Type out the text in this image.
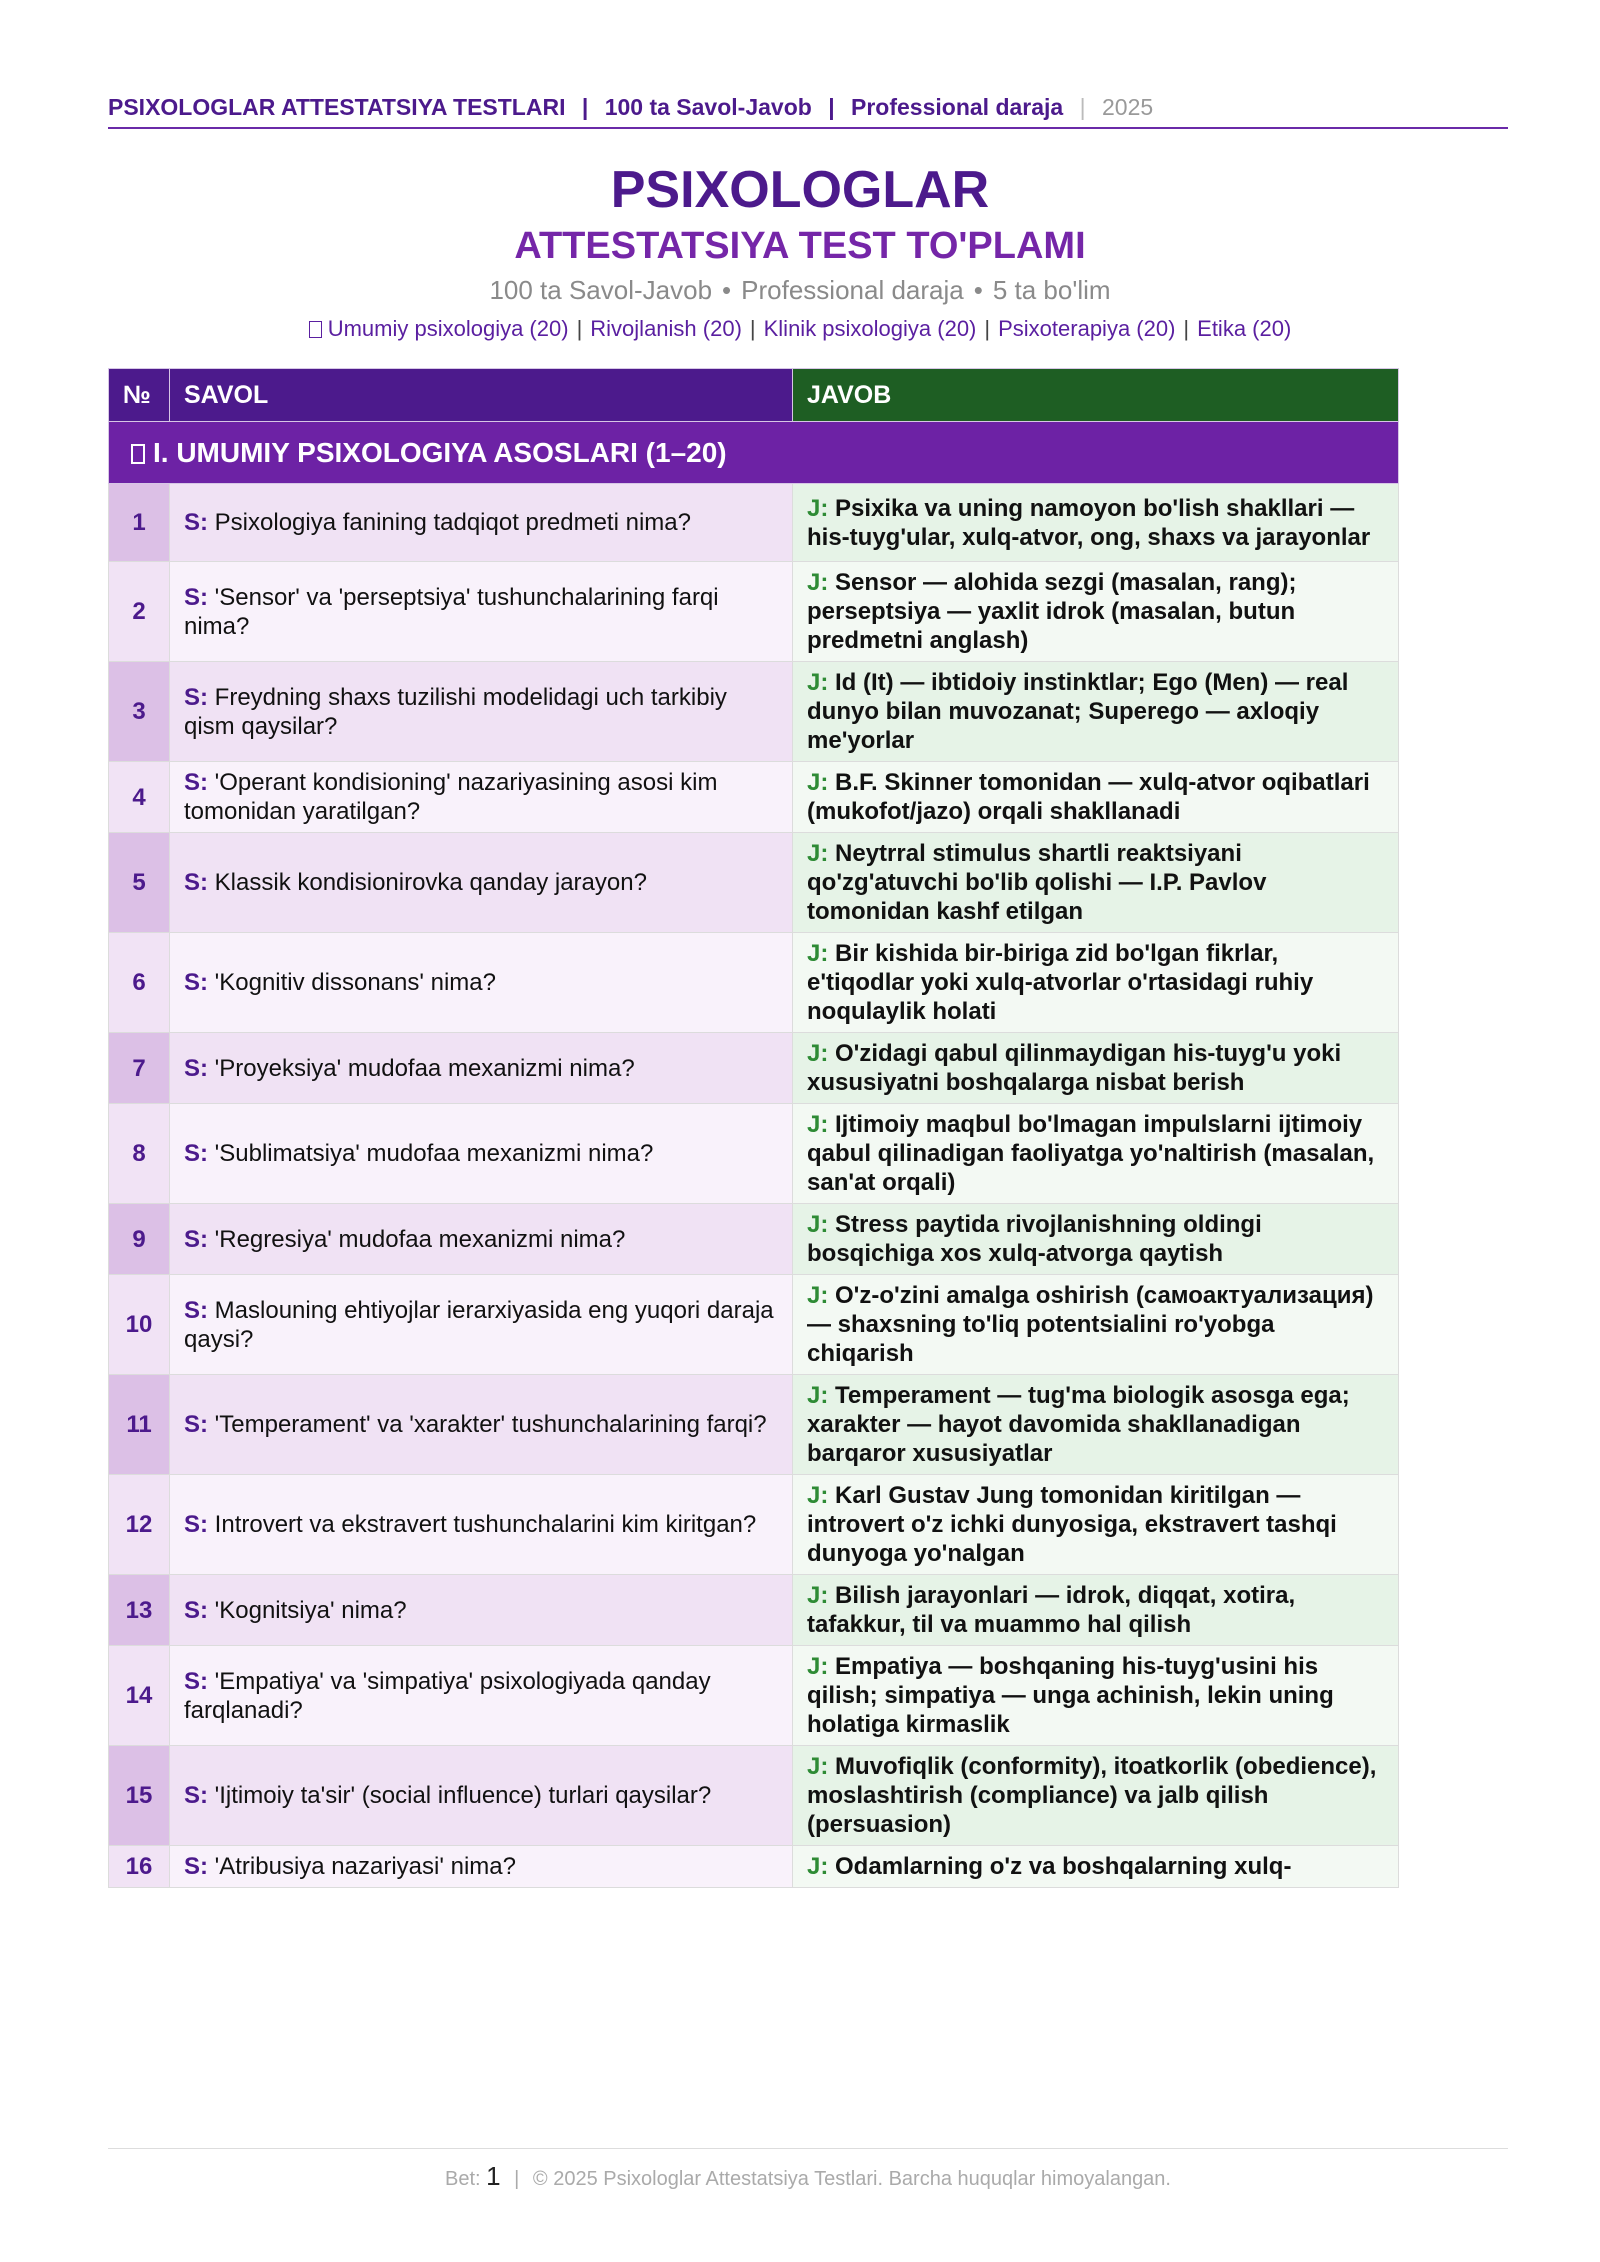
PSIXOLOGLAR ATTESTATSIYA TESTLARI | 100 ta Savol-Javob | Professional daraja | 2025
PSIXOLOGLAR
ATTESTATSIYA TEST TO'PLAMI
100 ta Savol-Javob • Professional daraja • 5 ta bo'lim
Umumiy psixologiya (20) | Rivojlanish (20) | Klinik psixologiya (20) | Psixoterapiya (20) | Etika (20)
№	SAVOL	JAVOB
I. UMUMIY PSIXOLOGIYA ASOSLARI (1–20)		
1	S: Psixologiya fanining tadqiqot predmeti nima?	J: Psixika va uning namoyon bo'lish shakllari — his-tuyg'ular, xulq-atvor, ong, shaxs va jarayonlar
2	S: 'Sensor' va 'perseptsiya' tushunchalarining farqi nima?	J: Sensor — alohida sezgi (masalan, rang); perseptsiya — yaxlit idrok (masalan, butun predmetni anglash)
3	S: Freydning shaxs tuzilishi modelidagi uch tarkibiy qism qaysilar?	J: Id (It) — ibtidoiy instinktlar; Ego (Men) — real dunyo bilan muvozanat; Superego — axloqiy me'yorlar
4	S: 'Operant kondisioning' nazariyasining asosi kim tomonidan yaratilgan?	J: B.F. Skinner tomonidan — xulq-atvor oqibatlari (mukofot/jazo) orqali shakllanadi
5	S: Klassik kondisionirovka qanday jarayon?	J: Neytrral stimulus shartli reaktsiyani qo'zg'atuvchi bo'lib qolishi — I.P. Pavlov tomonidan kashf etilgan
6	S: 'Kognitiv dissonans' nima?	J: Bir kishida bir-biriga zid bo'lgan fikrlar, e'tiqodlar yoki xulq-atvorlar o'rtasidagi ruhiy noqulaylik holati
7	S: 'Proyeksiya' mudofaa mexanizmi nima?	J: O'zidagi qabul qilinmaydigan his-tuyg'u yoki xususiyatni boshqalarga nisbat berish
8	S: 'Sublimatsiya' mudofaa mexanizmi nima?	J: Ijtimoiy maqbul bo'lmagan impulslarni ijtimoiy qabul qilinadigan faoliyatga yo'naltirish (masalan, san'at orqali)
9	S: 'Regresiya' mudofaa mexanizmi nima?	J: Stress paytida rivojlanishning oldingi bosqichiga xos xulq-atvorga qaytish
10	S: Maslouning ehtiyojlar ierarxiyasida eng yuqori daraja qaysi?	J: O'z-o'zini amalga oshirish (самоактуализация) — shaxsning to'liq potentsialini ro'yobga chiqarish
11	S: 'Temperament' va 'xarakter' tushunchalarining farqi?	J: Temperament — tug'ma biologik asosga ega; xarakter — hayot davomida shakllanadigan barqaror xususiyatlar
12	S: Introvert va ekstravert tushunchalarini kim kiritgan?	J: Karl Gustav Jung tomonidan kiritilgan — introvert o'z ichki dunyosiga, ekstravert tashqi dunyoga yo'nalgan
13	S: 'Kognitsiya' nima?	J: Bilish jarayonlari — idrok, diqqat, xotira, tafakkur, til va muammo hal qilish
14	S: 'Empatiya' va 'simpatiya' psixologiyada qanday farqlanadi?	J: Empatiya — boshqaning his-tuyg'usini his qilish; simpatiya — unga achinish, lekin uning holatiga kirmaslik
15	S: 'Ijtimoiy ta'sir' (social influence) turlari qaysilar?	J: Muvofiqlik (conformity), itoatkorlik (obedience), moslashtirish (compliance) va jalb qilish (persuasion)
16	S: 'Atribusiya nazariyasi' nima?	J: Odamlarning o'z va boshqalarning xulq-
Bet: 1 | © 2025 Psixologlar Attestatsiya Testlari. Barcha huquqlar himoyalangan.
